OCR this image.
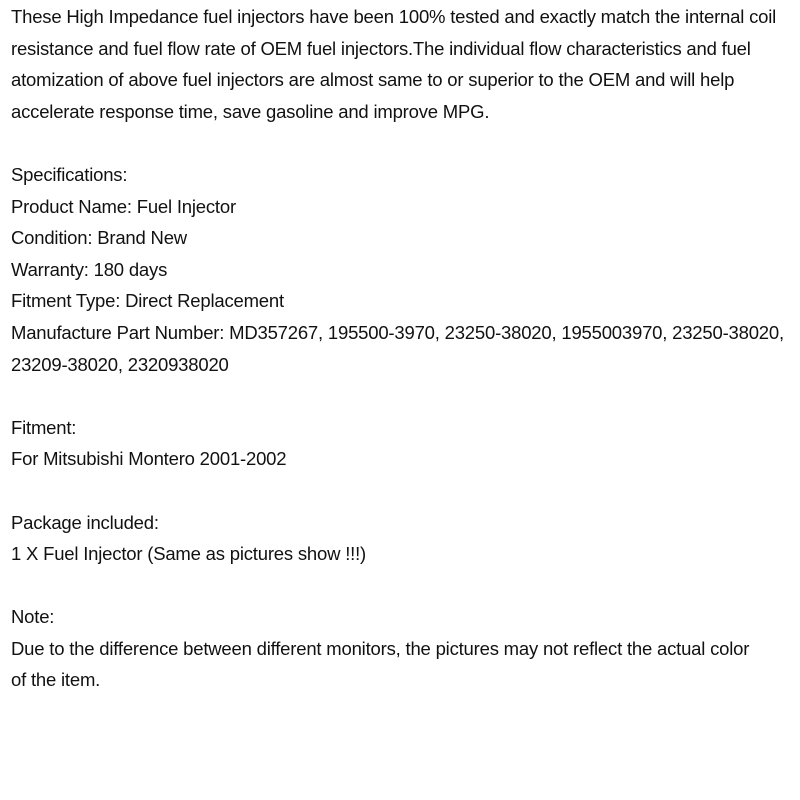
These High Impedance fuel injectors have been 100% tested and exactly match the internal coil
resistance and fuel flow rate of OEM fuel injectors.The individual flow characteristics and fuel
atomization of above fuel injectors are almost same to or superior to the OEM and will help
accelerate response time, save gasoline and improve MPG.
Specifications:
Product Name: Fuel Injector
Condition: Brand New
Warranty: 180 days
Fitment Type: Direct Replacement
Manufacture Part Number: MD357267, 195500-3970, 23250-38020, 1955003970, 23250-38020,
23209-38020, 2320938020
Fitment:
For Mitsubishi Montero 2001-2002
Package included:
1 X Fuel Injector (Same as pictures show !!!)
Note:
Due to the difference between different monitors, the pictures may not reflect the actual color
of the item.
